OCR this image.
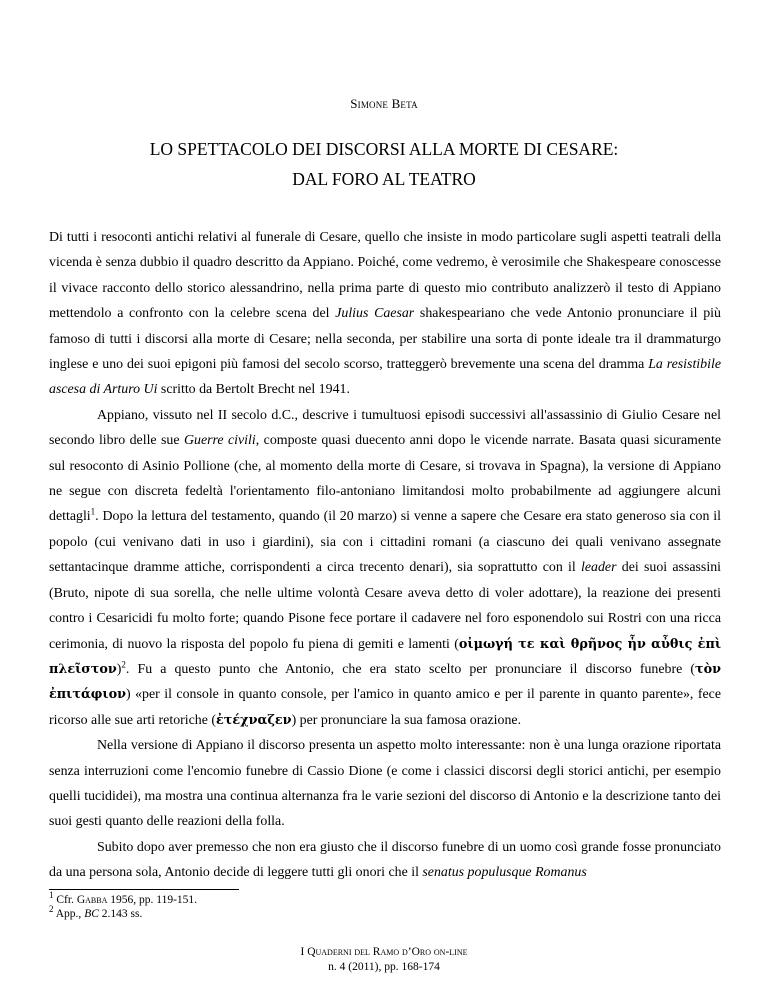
Simone Beta
LO SPETTACOLO DEI DISCORSI ALLA MORTE DI CESARE:
DAL FORO AL TEATRO

Di tutti i resoconti antichi relativi al funerale di Cesare, quello che insiste in modo particolare sugli aspetti teatrali della vicenda è senza dubbio il quadro descritto da Appiano. Poiché, come vedremo, è verosimile che Shakespeare conoscesse il vivace racconto dello storico alessandrino, nella prima parte di questo mio contributo analizzerò il testo di Appiano mettendolo a confronto con la celebre scena del Julius Caesar shakespeariano che vede Antonio pronunciare il più famoso di tutti i discorsi alla morte di Cesare; nella seconda, per stabilire una sorta di ponte ideale tra il drammaturgo inglese e uno dei suoi epigoni più famosi del secolo scorso, tratteggerò brevemente una scena del dramma La resistibile ascesa di Arturo Ui scritto da Bertolt Brecht nel 1941.

Appiano, vissuto nel II secolo d.C., descrive i tumultuosi episodi successivi all'assassinio di Giulio Cesare nel secondo libro delle sue Guerre civili, composte quasi duecento anni dopo le vicende narrate. Basata quasi sicuramente sul resoconto di Asinio Pollione (che, al momento della morte di Cesare, si trovava in Spagna), la versione di Appiano ne segue con discreta fedeltà l'orientamento filo-antoniano limitandosi molto probabilmente ad aggiungere alcuni dettagli$^1$. Dopo la lettura del testamento, quando (il 20 marzo) si venne a sapere che Cesare era stato generoso sia con il popolo (cui venivano dati in uso i giardini), sia con i cittadini romani (a ciascuno dei quali venivano assegnate settantacinque dramme attiche, corrispondenti a circa trecento denari), sia soprattutto con il leader dei suoi assassini (Bruto, nipote di sua sorella, che nelle ultime volontà Cesare aveva detto di voler adottare), la reazione dei presenti contro i Cesaricidi fu molto forte; quando Pisone fece portare il cadavere nel foro esponendolo sui Rostri con una ricca cerimonia, di nuovo la risposta del popolo fu piena di gemiti e lamenti (οἰμωγή τε καὶ θρῆνος ἦν αὖθις ἐπὶ πλεῖστον)$^2$. Fu a questo punto che Antonio, che era stato scelto per pronunciare il discorso funebre (τὸν ἐπιτάφιον) «per il console in quanto console, per l'amico in quanto amico e per il parente in quanto parente», fece ricorso alle sue arti retoriche (ἐτέχναζεν) per pronunciare la sua famosa orazione.

Nella versione di Appiano il discorso presenta un aspetto molto interessante: non è una lunga orazione riportata senza interruzioni come l'encomio funebre di Cassio Dione (e come i classici discorsi degli storici antichi, per esempio quelli tucididei), ma mostra una continua alternanza fra le varie sezioni del discorso di Antonio e la descrizione tanto dei suoi gesti quanto delle reazioni della folla.

Subito dopo aver premesso che non era giusto che il discorso funebre di un uomo così grande fosse pronunciato da una persona sola, Antonio decide di leggere tutti gli onori che il senatus populusque Romanus

$^1$ Cfr. Gabba 1956, pp. 119-151.
$^2$ App., BC 2.143 ss.
I Quaderni del Ramo d’Oro on-line
n. 4 (2011), pp. 168-174
